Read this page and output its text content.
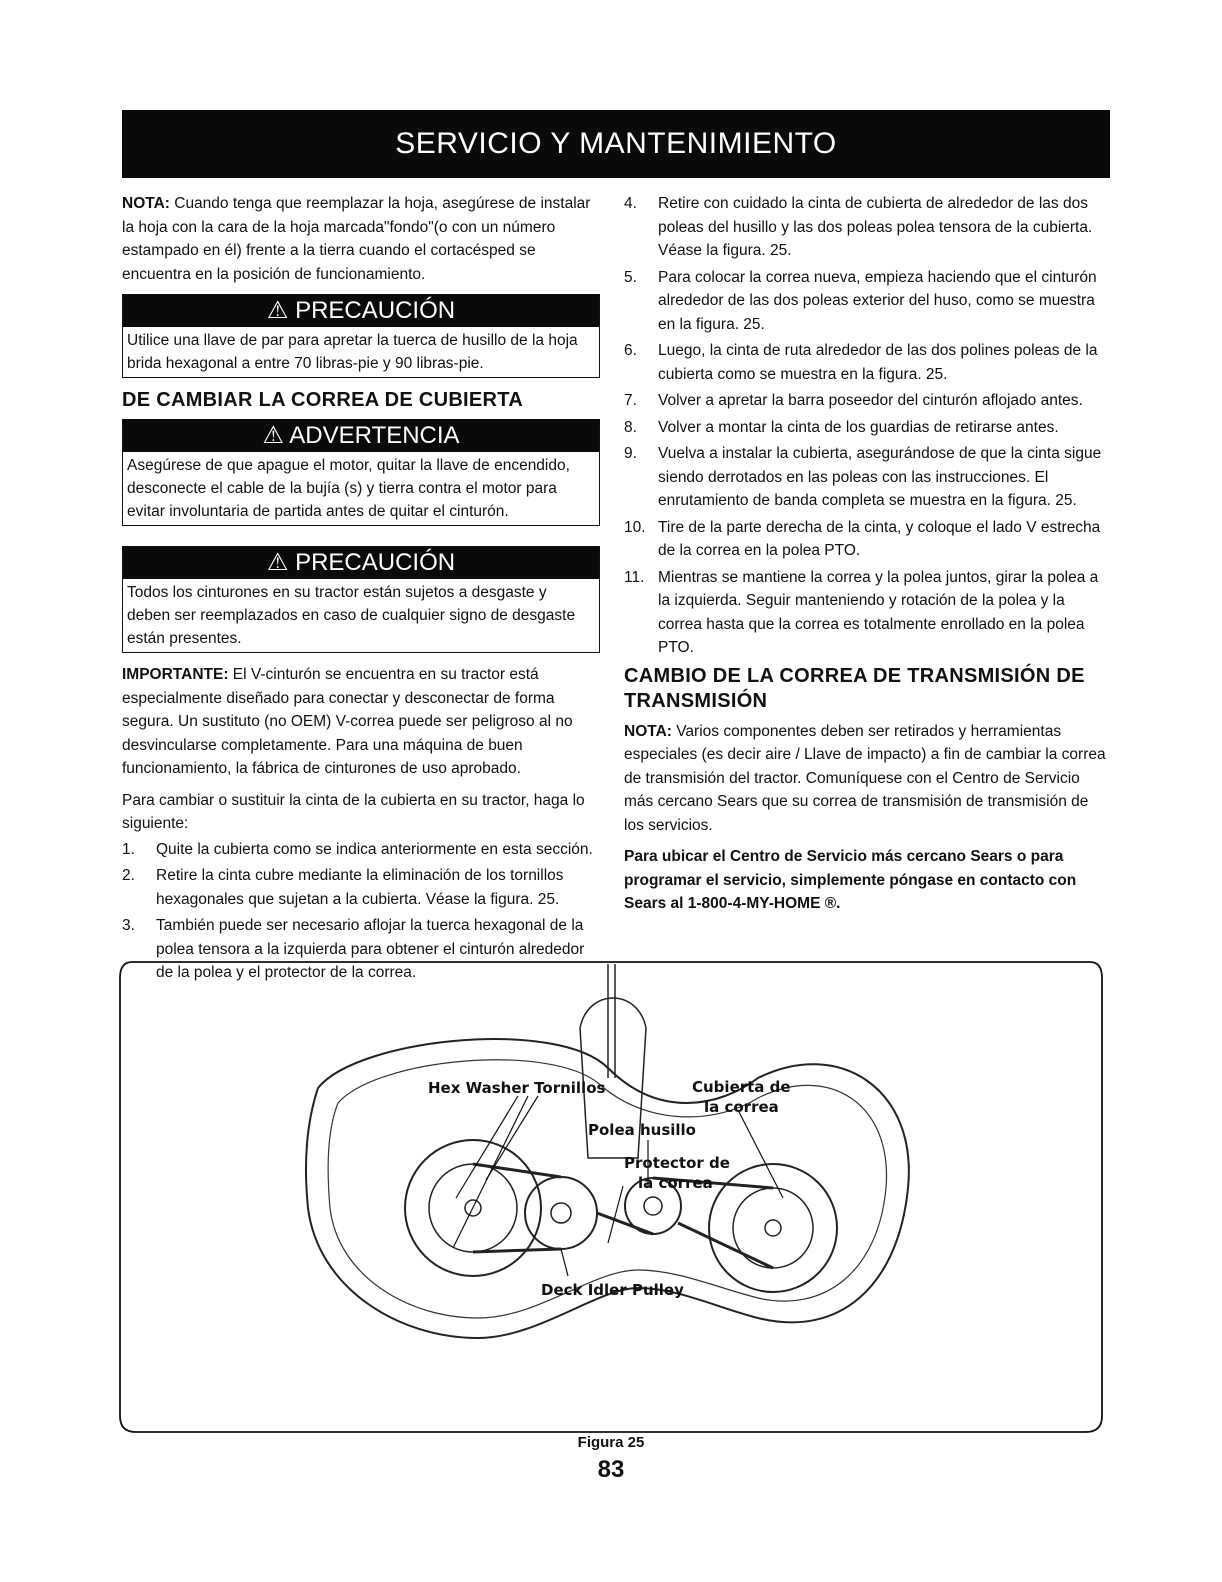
SERVICIO Y MANTENIMIENTO

NOTA: Cuando tenga que reemplazar la hoja, asegúrese de instalar la hoja con la cara de la hoja marcada"fondo"(o con un número estampado en él) frente a la tierra cuando el cortacésped se encuentra en la posición de funcionamiento.

⚠ PRECAUCIÓN
Utilice una llave de par para apretar la tuerca de husillo de la hoja brida hexagonal a entre 70 libras-pie y 90 libras-pie.
DE CAMBIAR LA CORREA DE CUBIERTA
⚠ ADVERTENCIA
Asegúrese de que apague el motor, quitar la llave de encendido, desconecte el cable de la bujía (s) y tierra contra el motor para evitar involuntaria de partida antes de quitar el cinturón.
⚠ PRECAUCIÓN
Todos los cinturones en su tractor están sujetos a desgaste y deben ser reemplazados en caso de cualquier signo de desgaste están presentes.

IMPORTANTE: El V-cinturón se encuentra en su tractor está especialmente diseñado para conectar y desconectar de forma segura. Un sustituto (no OEM) V-correa puede ser peligroso al no desvincularse completamente. Para una máquina de buen funcionamiento, la fábrica de cinturones de uso aprobado.

Para cambiar o sustituir la cinta de la cubierta en su tractor, haga lo siguiente:

1.	Quite la cubierta como se indica anteriormente en esta sección.
2.	Retire la cinta cubre mediante la eliminación de los tornillos hexagonales que sujetan a la cubierta. Véase la figura. 25.
3.	También puede ser necesario aflojar la tuerca hexagonal de la polea tensora a la izquierda para obtener el cinturón alrededor de la polea y el protector de la correa.
4.	Retire con cuidado la cinta de cubierta de alrededor de las dos poleas del husillo y las dos poleas polea tensora de la cubierta. Véase la figura. 25.
5.	Para colocar la correa nueva, empieza haciendo que el cinturón alrededor de las dos poleas exterior del huso, como se muestra en la figura. 25.
6.	Luego, la cinta de ruta alrededor de las dos polines poleas de la cubierta como se muestra en la figura. 25.
7.	Volver a apretar la barra poseedor del cinturón aflojado antes.
8.	Volver a montar la cinta de los guardias de retirarse antes.
9.	Vuelva a instalar la cubierta, asegurándose de que la cinta sigue siendo derrotados en las poleas con las instrucciones. El enrutamiento de banda completa se muestra en la figura. 25.
10. Tire de la parte derecha de la cinta, y coloque el lado V estrecha de la correa en la polea PTO.
11. Mientras se mantiene la correa y la polea juntos, girar la polea a la izquierda. Seguir manteniendo y rotación de la polea y la correa hasta que la correa es totalmente enrollado en la polea PTO.
CAMBIO DE LA CORREA DE TRANSMISIÓN DE TRANSMISIÓN

NOTA: Varios componentes deben ser retirados y herramientas especiales (es decir aire / Llave de impacto) a fin de cambiar la correa de transmisión del tractor. Comuníquese con el Centro de Servicio más cercano Sears que su correa de transmisión de transmisión de los servicios.

Para ubicar el Centro de Servicio más cercano Sears o para programar el servicio, simplemente póngase en contacto con Sears al 1-800-4-MY-HOME ®.

Hex Washer Tornillos	Cubierta de
la correa
Polea husillo
Protector de
la correa
Deck Idler Pulley
Figura 25
83
